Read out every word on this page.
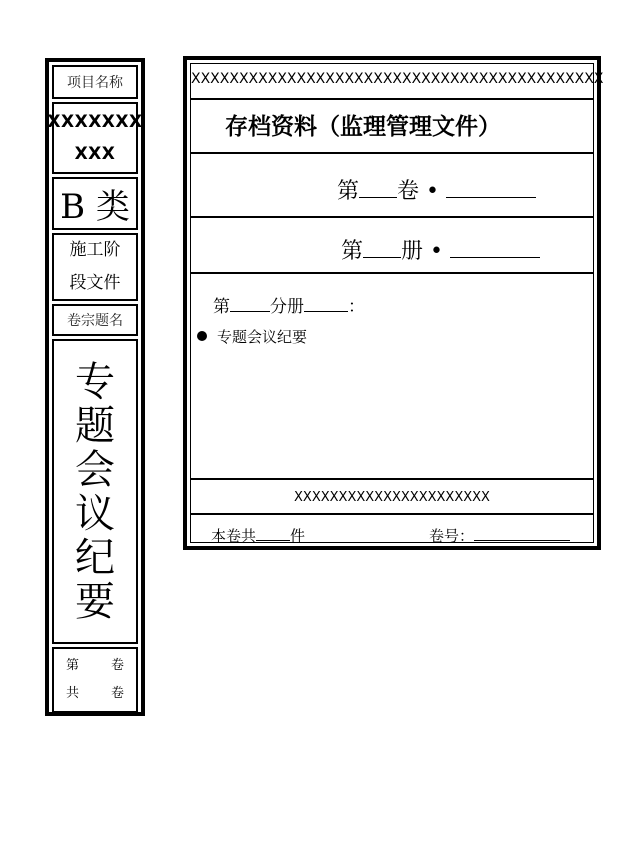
项目名称
XXXXXXX
XXX
B 类
施工阶
段文件
卷宗题名
专
题
会
议
纪
要
第 卷
共 卷
XXXXXXXXXXXXXXXXXXXXXXXXXXXXXXXXXXXXXXXXXXX
存档资料（监理管理文件）
第 卷 •
第 册 •
第 分册	：
专题会议纪要
XXXXXXXXXXXXXXXXXXXXXX
本卷共 件	卷号：
